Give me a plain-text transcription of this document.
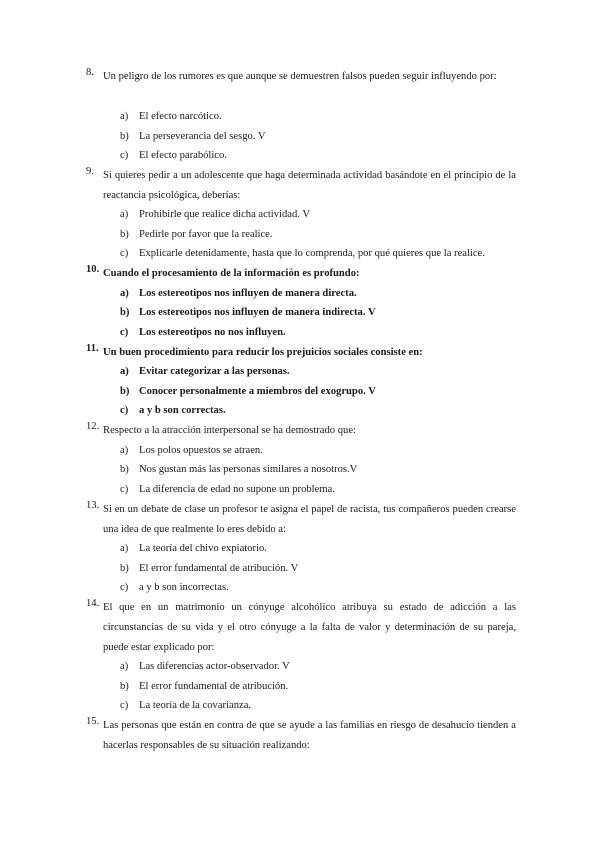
8. Un peligro de los rumores es que aunque se demuestren falsos pueden seguir influyendo por:
a) El efecto narcótico.
b) La perseverancia del sesgo. V
c) El efecto parabólico.
9. Si quieres pedir a un adolescente que haga determinada actividad basándote en el principio de la reactancia psicológica, deberías:
a) Prohibirle que realice dicha actividad. V
b) Pedirle por favor que la realice.
c) Explicarle detenidamente, hasta que lo comprenda, por qué quieres que la realice.
10. Cuando el procesamiento de la información es profundo:
a) Los estereotipos nos influyen de manera directa.
b) Los estereotipos nos influyen de manera indirecta. V
c) Los estereotipos no nos influyen.
11. Un buen procedimiento para reducir los prejuicios sociales consiste en:
a) Evitar categorizar a las personas.
b) Conocer personalmente a miembros del exogrupo. V
c) a y b son correctas.
12. Respecto a la atracción interpersonal se ha demostrado que:
a) Los polos opuestos se atraen.
b) Nos gustan más las personas similares a nosotros.V
c) La diferencia de edad no supone un problema.
13. Si en un debate de clase un profesor te asigna el papel de racista, tus compañeros pueden crearse una idea de que realmente lo eres debido a:
a) La teoría del chivo expiatorio.
b) El error fundamental de atribución. V
c) a y b son incorrectas.
14. El que en un matrimonio un cónyuge alcohólico atribuya su estado de adicción a las circunstancias de su vida y el otro cónyuge a la falta de valor y determinación de su pareja, puede estar explicado por:
a) Las diferencias actor-observador. V
b) El error fundamental de atribución.
c) La teoría de la covarianza.
15. Las personas que están en contra de que se ayude a las familias en riesgo de desahucio tienden a hacerlas responsables de su situación realizando:
